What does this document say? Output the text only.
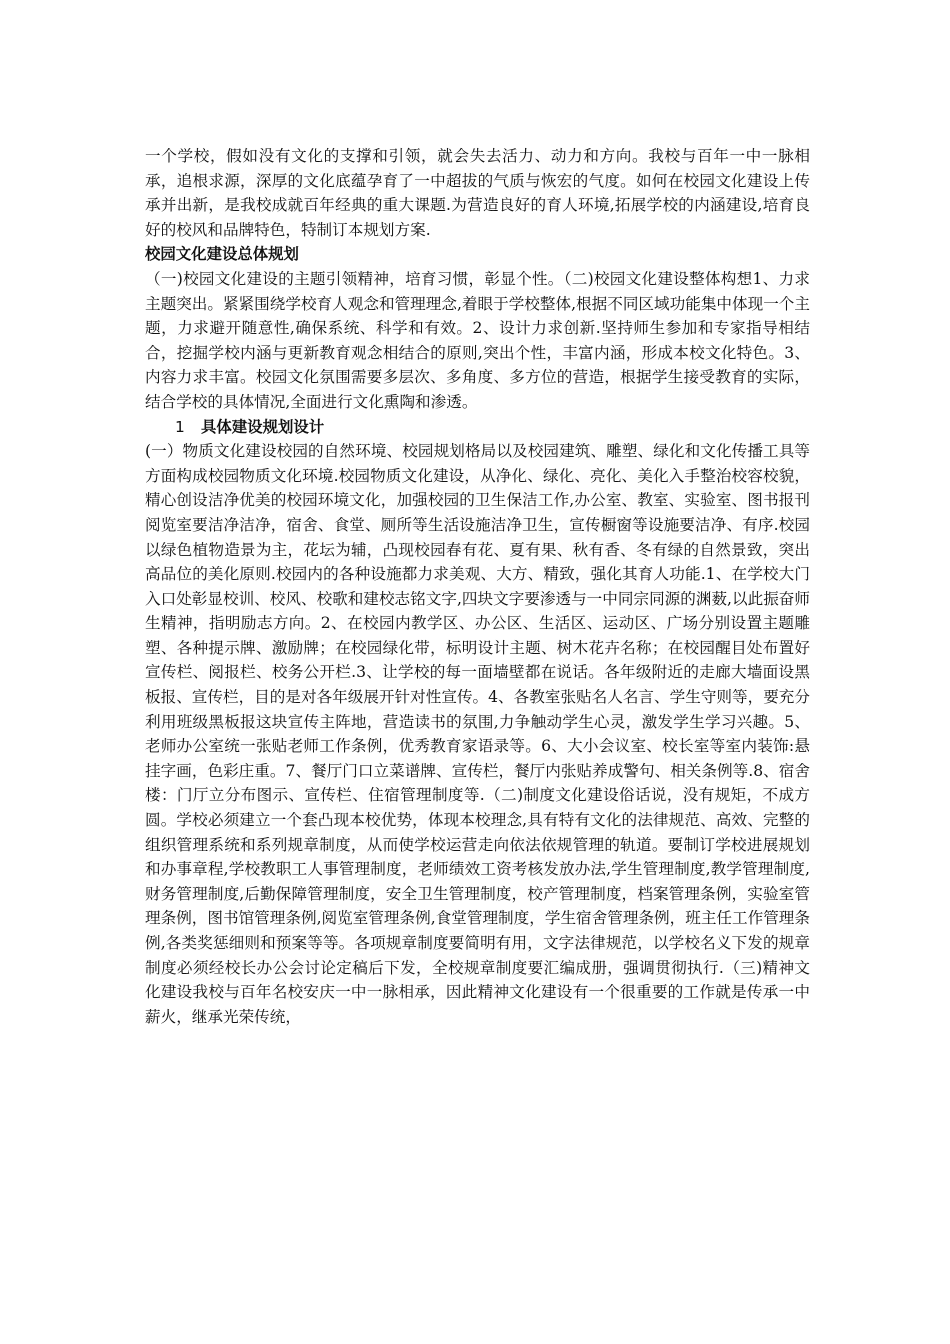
一个学校，假如没有文化的支撑和引领，就会失去活力、动力和方向。我校与百年一中一脉相承，追根求源，深厚的文化底蕴孕育了一中超拔的气质与恢宏的气度。如何在校园文化建设上传承并出新，是我校成就百年经典的重大课题.为营造良好的育人环境,拓展学校的内涵建设,培育良好的校风和品牌特色，特制订本规划方案.

校园文化建设总体规划

（一)校园文化建设的主题引领精神，培育习惯，彰显个性。（二)校园文化建设整体构想1、力求主题突出。紧紧围绕学校育人观念和管理理念,着眼于学校整体,根据不同区域功能集中体现一个主题，力求避开随意性,确保系统、科学和有效。2、设计力求创新.坚持师生参加和专家指导相结合，挖掘学校内涵与更新教育观念相结合的原则,突出个性，丰富内涵，形成本校文化特色。3、内容力求丰富。校园文化氛围需要多层次、多角度、多方位的营造，根据学生接受教育的实际，结合学校的具体情况,全面进行文化熏陶和渗透。

1 具体建设规划设计

(一）物质文化建设校园的自然环境、校园规划格局以及校园建筑、雕塑、绿化和文化传播工具等方面构成校园物质文化环境.校园物质文化建设，从净化、绿化、亮化、美化入手整治校容校貌，精心创设洁净优美的校园环境文化，加强校园的卫生保洁工作,办公室、教室、实验室、图书报刊阅览室要洁净洁净，宿舍、食堂、厕所等生活设施洁净卫生，宣传橱窗等设施要洁净、有序.校园以绿色植物造景为主，花坛为辅，凸现校园春有花、夏有果、秋有香、冬有绿的自然景致，突出高品位的美化原则.校园内的各种设施都力求美观、大方、精致，强化其育人功能.1、在学校大门入口处彰显校训、校风、校歌和建校志铭文字,四块文字要渗透与一中同宗同源的渊薮,以此振奋师生精神，指明励志方向。2、在校园内教学区、办公区、生活区、运动区、广场分别设置主题雕塑、各种提示牌、激励牌；在校园绿化带，标明设计主题、树木花卉名称；在校园醒目处布置好宣传栏、阅报栏、校务公开栏.3、让学校的每一面墙壁都在说话。各年级附近的走廊大墙面设黑板报、宣传栏，目的是对各年级展开针对性宣传。4、各教室张贴名人名言、学生守则等，要充分利用班级黑板报这块宣传主阵地，营造读书的氛围,力争触动学生心灵，激发学生学习兴趣。5、老师办公室统一张贴老师工作条例，优秀教育家语录等。6、大小会议室、校长室等室内装饰:悬挂字画，色彩庄重。7、餐厅门口立菜谱牌、宣传栏，餐厅内张贴养成警句、相关条例等.8、宿舍楼：门厅立分布图示、宣传栏、住宿管理制度等.（二)制度文化建设俗话说，没有规矩，不成方圆。学校必须建立一个套凸现本校优势，体现本校理念,具有特有文化的法律规范、高效、完整的组织管理系统和系列规章制度，从而使学校运营走向依法依规管理的轨道。要制订学校进展规划和办事章程,学校教职工人事管理制度，老师绩效工资考核发放办法,学生管理制度,教学管理制度,财务管理制度,后勤保障管理制度，安全卫生管理制度，校产管理制度，档案管理条例，实验室管理条例，图书馆管理条例,阅览室管理条例,食堂管理制度，学生宿舍管理条例，班主任工作管理条例,各类奖惩细则和预案等等。各项规章制度要简明有用，文字法律规范，以学校名义下发的规章制度必须经校长办公会讨论定稿后下发，全校规章制度要汇编成册，强调贯彻执行.（三)精神文化建设我校与百年名校安庆一中一脉相承，因此精神文化建设有一个很重要的工作就是传承一中薪火，继承光荣传统，
